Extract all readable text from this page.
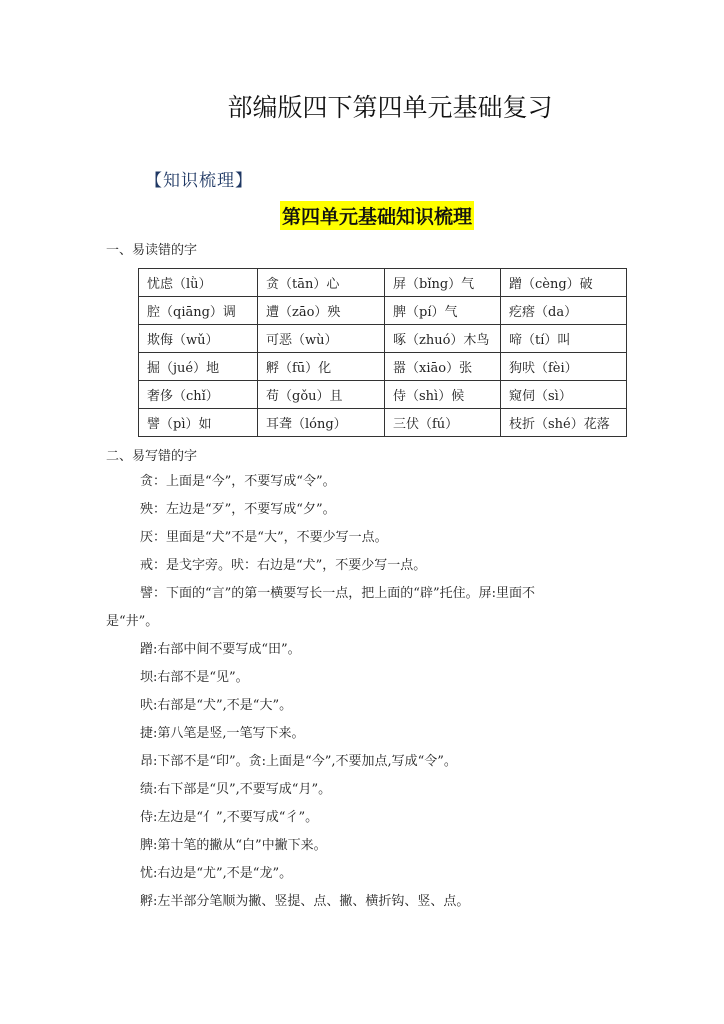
部编版四下第四单元基础复习
【知识梳理】
第四单元基础知识梳理
一、易读错的字
忧虑（lǜ）	贪（tān）心	屏（bǐng）气	蹭（cèng）破
腔（qiāng）调	遭（zāo）殃	脾（pí）气	疙瘩（da）
欺侮（wǔ）	可恶（wù）	啄（zhuó）木鸟	啼（tí）叫
掘（jué）地	孵（fū）化	嚣（xiāo）张	狗吠（fèi）
奢侈（chǐ）	苟（gǒu）且	侍（shì）候	窥伺（sì）
譬（pì）如	耳聋（lóng）	三伏（fú）	枝折（shé）花落
二、易写错的字
贪：上面是“今”，不要写成“令”。
殃：左边是“歹”，不要写成“夕”。
厌：里面是“犬”不是“大”，不要少写一点。
戒：是戈字旁。吠：右边是“犬”，不要少写一点。
譬：下面的“言”的第一横要写长一点，把上面的“辟”托住。屏:里面不
是“井”。
蹭:右部中间不要写成“田”。
坝:右部不是“见”。
吠:右部是“犬”,不是“大”。
捷:第八笔是竖,一笔写下来。
昂:下部不是“印”。贪:上面是“今”,不要加点,写成“令”。
绩:右下部是“贝”,不要写成“月”。
侍:左边是“亻”,不要写成“彳”。
脾:第十笔的撇从“白”中撇下来。
忧:右边是“尤”,不是“龙”。
孵:左半部分笔顺为撇、竖提、点、撇、横折钩、竖、点。
